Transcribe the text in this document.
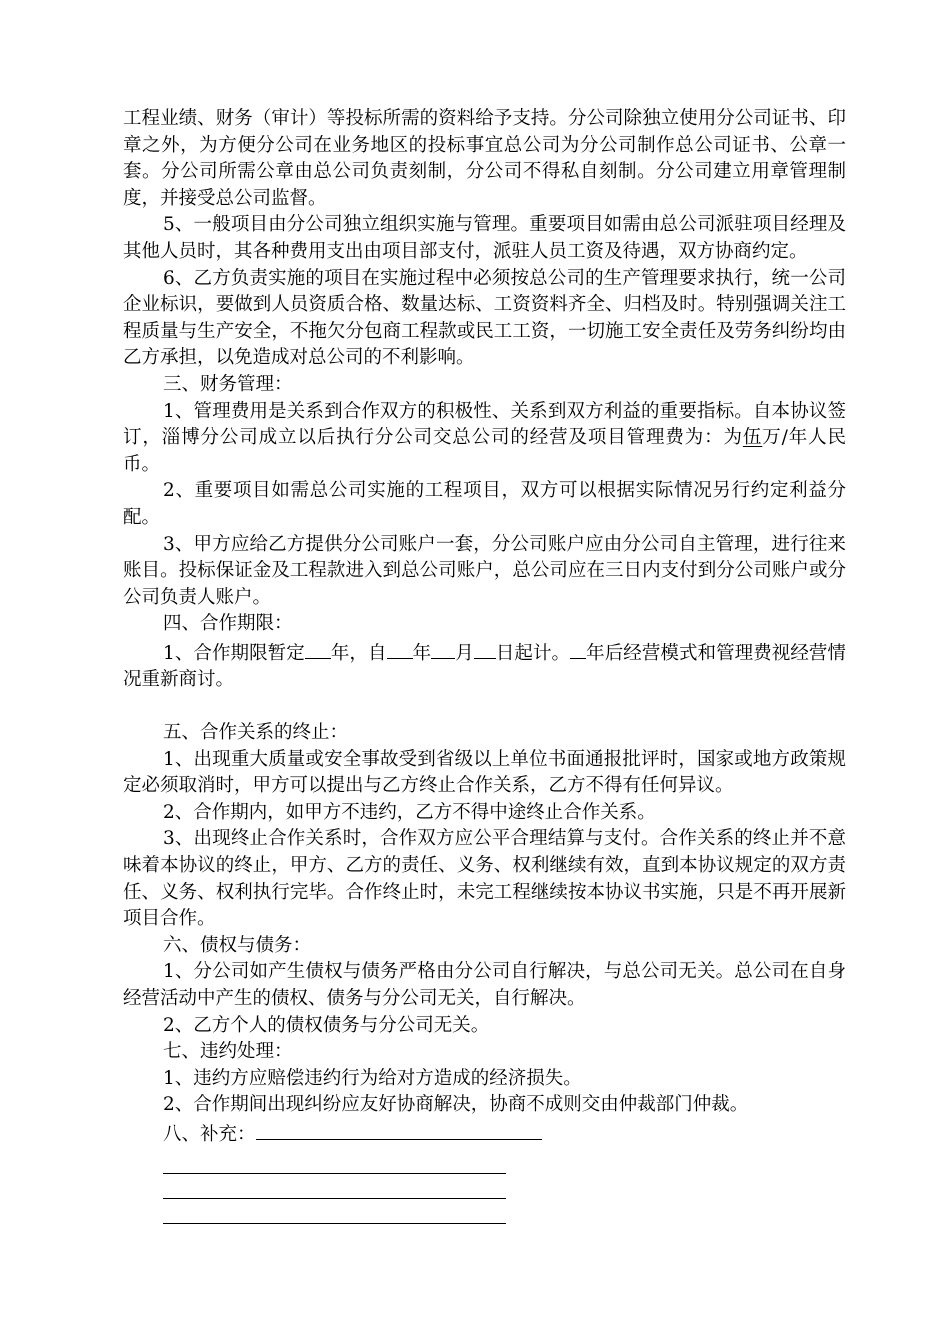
工程业绩、财务（审计）等投标所需的资料给予支持。分公司除独立使用分公司证书、印章之外，为方便分公司在业务地区的投标事宜总公司为分公司制作总公司证书、公章一套。分公司所需公章由总公司负责刻制，分公司不得私自刻制。分公司建立用章管理制度，并接受总公司监督。

5、一般项目由分公司独立组织实施与管理。重要项目如需由总公司派驻项目经理及其他人员时，其各种费用支出由项目部支付，派驻人员工资及待遇，双方协商约定。

6、乙方负责实施的项目在实施过程中必须按总公司的生产管理要求执行，统一公司企业标识，要做到人员资质合格、数量达标、工资资料齐全、归档及时。特别强调关注工程质量与生产安全，不拖欠分包商工程款或民工工资，一切施工安全责任及劳务纠纷均由乙方承担，以免造成对总公司的不利影响。

三、财务管理：

1、管理费用是关系到合作双方的积极性、关系到双方利益的重要指标。自本协议签订，淄博分公司成立以后执行分公司交总公司的经营及项目管理费为：为伍万/年人民币。

2、重要项目如需总公司实施的工程项目，双方可以根据实际情况另行约定利益分配。

3、甲方应给乙方提供分公司账户一套，分公司账户应由分公司自主管理，进行往来账目。投标保证金及工程款进入到总公司账户，总公司应在三日内支付到分公司账户或分公司负责人账户。

四、合作期限：

1、合作期限暂定 年，自 年 月 日起计。 年后经营模式和管理费视经营情况重新商讨。

五、合作关系的终止：

1、出现重大质量或安全事故受到省级以上单位书面通报批评时，国家或地方政策规定必须取消时，甲方可以提出与乙方终止合作关系，乙方不得有任何异议。

2、合作期内，如甲方不违约，乙方不得中途终止合作关系。

3、出现终止合作关系时，合作双方应公平合理结算与支付。合作关系的终止并不意味着本协议的终止，甲方、乙方的责任、义务、权利继续有效，直到本协议规定的双方责任、义务、权利执行完毕。合作终止时，未完工程继续按本协议书实施，只是不再开展新项目合作。

六、债权与债务：

1、分公司如产生债权与债务严格由分公司自行解决，与总公司无关。总公司在自身经营活动中产生的债权、债务与分公司无关，自行解决。

2、乙方个人的债权债务与分公司无关。

七、违约处理：

1、违约方应赔偿违约行为给对方造成的经济损失。

2、合作期间出现纠纷应友好协商解决，协商不成则交由仲裁部门仲裁。

八、补充：
